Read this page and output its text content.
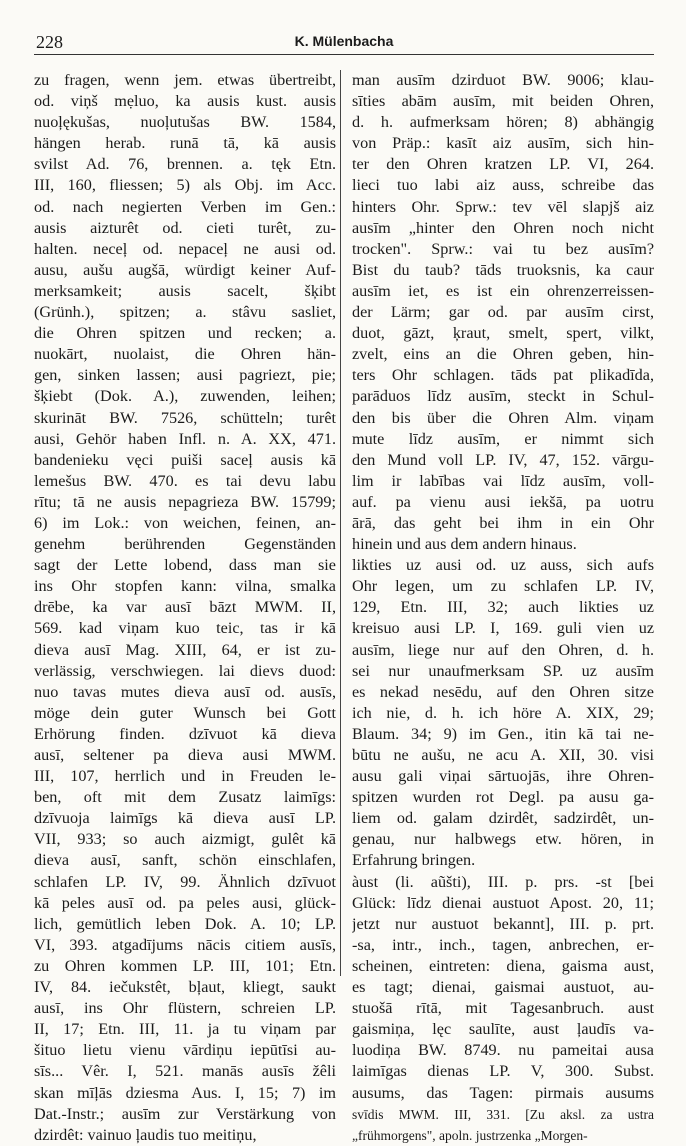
228	K. Mülenbacha
zu fragen, wenn jem. etwas übertreibt,
od. viņš mẹluo, ka ausis kust. ausis
nuoļękušas, nuoļutušas BW. 1584,
hängen herab. runā tā, kā ausis
svilst Ad. 76, brennen. a. tęk Etn.
III, 160, fliessen; 5) als Obj. im Acc.
od. nach negierten Verben im Gen.:
ausis aizturêt od. cieti turêt, zu-
halten. neceļ od. nepaceļ ne ausi od.
ausu, aušu augšā, würdigt keiner Auf-
merksamkeit; ausis sacelt, šķibt
(Grünh.), spitzen; a. stâvu sasliet,
die Ohren spitzen und recken; a.
nuokārt, nuolaist, die Ohren hän-
gen, sinken lassen; ausi pagriezt, pie;
šķiebt (Dok. A.), zuwenden, leihen;
skurināt BW. 7526, schütteln; turêt
ausi, Gehör haben Infl. n. A. XX, 471.
bandenieku vęci puiši saceļ ausis kā
lemešus BW. 470. es tai devu labu
rītu; tā ne ausis nepagrieza BW. 15799;
6) im Lok.: von weichen, feinen, an-
genehm berührenden Gegenständen
sagt der Lette lobend, dass man sie
ins Ohr stopfen kann: vilna, smalka
drēbe, ka var ausī bāzt MWM. II,
569. kad viņam kuo teic, tas ir kā
dieva ausī Mag. XIII, 64, er ist zu-
verlässig, verschwiegen. lai dievs duod:
nuo tavas mutes dieva ausī od. ausīs,
möge dein guter Wunsch bei Gott
Erhörung finden. dzīvuot kā dieva
ausī, seltener pa dieva ausi MWM.
III, 107, herrlich und in Freuden le-
ben, oft mit dem Zusatz laimīgs:
dzīvuoja laimīgs kā dieva ausī LP.
VII, 933; so auch aizmigt, gulêt kā
dieva ausī, sanft, schön einschlafen,
schlafen LP. IV, 99. Ähnlich dzīvuot
kā peles ausī od. pa peles ausi, glück-
lich, gemütlich leben Dok. A. 10; LP.
VI, 393. atgadījums nācis citiem ausīs,
zu Ohren kommen LP. III, 101; Etn.
IV, 84. iečukstêt, bļaut, kliegt, saukt
ausī, ins Ohr flüstern, schreien LP.
II, 17; Etn. III, 11. ja tu viņam par
šituo lietu vienu vārdiņu iepūtīsi au-
sīs... Vêr. I, 521. manās ausīs žêli
skan mīļās dziesma Aus. I, 15; 7) im
Dat.-Instr.; ausīm zur Verstärkung von
dzirdêt: vainuo ļaudis tuo meitiņu,
man ausīm dzirduot BW. 9006; klau-
sīties abām ausīm, mit beiden Ohren,
d. h. aufmerksam hören; 8) abhängig
von Präp.: kasīt aiz ausīm, sich hin-
ter den Ohren kratzen LP. VI, 264.
lieci tuo labi aiz auss, schreibe das
hinters Ohr. Sprw.: tev vēl slapjš aiz
ausīm „hinter den Ohren noch nicht
trocken". Sprw.: vai tu bez ausīm?
Bist du taub? tāds truoksnis, ka caur
ausīm iet, es ist ein ohrenzerreissen-
der Lärm; gar od. par ausīm cirst,
duot, gāzt, ķraut, smelt, spert, vilkt,
zvelt, eins an die Ohren geben, hin-
ters Ohr schlagen. tāds pat plikadīda,
parāduos līdz ausīm, steckt in Schul-
den bis über die Ohren Alm. viņam
mute līdz ausīm, er nimmt sich
den Mund voll LP. IV, 47, 152. vārgu-
lim ir labības vai līdz ausīm, voll-
auf. pa vienu ausi iekšā, pa uotru
ārā, das geht bei ihm in ein Ohr
hinein und aus dem andern hinaus.
likties uz ausi od. uz auss, sich aufs
Ohr legen, um zu schlafen LP. IV,
129, Etn. III, 32; auch likties uz
kreisuo ausi LP. I, 169. guli vien uz
ausīm, liege nur auf den Ohren, d. h.
sei nur unaufmerksam SP. uz ausīm
es nekad nesēdu, auf den Ohren sitze
ich nie, d. h. ich höre A. XIX, 29;
Blaum. 34; 9) im Gen., itin kā tai ne-
būtu ne aušu, ne acu A. XII, 30. visi
ausu gali viņai sārtuojās, ihre Ohren-
spitzen wurden rot Degl. pa ausu ga-
liem od. galam dzirdêt, sadzirdêt, un-
genau, nur halbwegs etw. hören, in
Erfahrung bringen.
àust (li. aũšti), III. p. prs. -st [bei
Glück: līdz dienai austuot Apost. 20, 11;
jetzt nur austuot bekannt], III. p. prt.
-sa, intr., inch., tagen, anbrechen, er-
scheinen, eintreten: diena, gaisma aust,
es tagt; dienai, gaismai austuot, au-
stuošā rītā, mit Tagesanbruch. aust
gaismiņa, lęc saulīte, aust ļaudīs va-
luodiņa BW. 8749. nu pameitai ausa
laimīgas dienas LP. V, 300. Subst.
ausums, das Tagen: pirmais ausums
svīdis MWM. III, 331. [Zu aksl. za ustra
„frühmorgens", apoln. justrzenka „Morgen-
